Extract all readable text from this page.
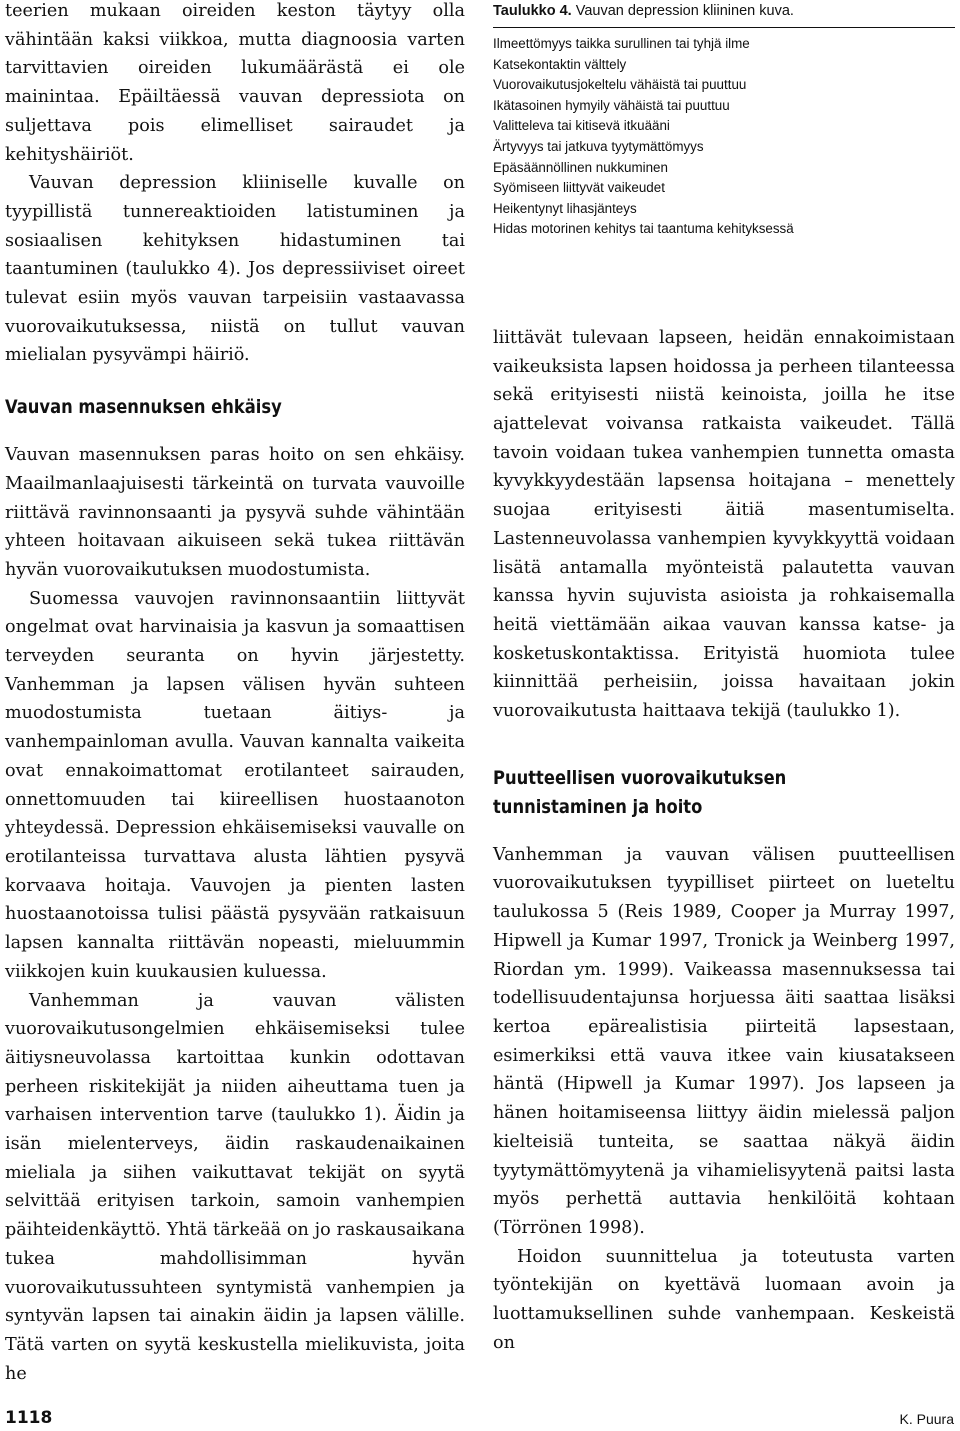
teerien mukaan oireiden keston täytyy olla vähintään kaksi viikkoa, mutta diagnoosia varten tarvittavien oireiden lukumäärästä ei ole mainintaa. Epäiltäessä vauvan depressiota on suljettava pois elimelliset sairaudet ja kehityshäiriöt.

Vauvan depression kliiniselle kuvalle on tyypillistä tunnereaktioiden latistuminen ja sosiaalisen kehityksen hidastuminen tai taantuminen (taulukko 4). Jos depressiiviset oireet tulevat esiin myös vauvan tarpeisiin vastaavassa vuorovaikutuksessa, niistä on tullut vauvan mielialan pysyvämpi häiriö.

Vauvan masennuksen ehkäisy

Vauvan masennuksen paras hoito on sen ehkäisy. Maailmanlaajuisesti tärkeintä on turvata vauvoille riittävä ravinnonsaanti ja pysyvä suhde vähintään yhteen hoitavaan aikuiseen sekä tukea riittävän hyvän vuorovaikutuksen muodostumista.

Suomessa vauvojen ravinnonsaantiin liittyvät ongelmat ovat harvinaisia ja kasvun ja somaattisen terveyden seuranta on hyvin järjestetty. Vanhemman ja lapsen välisen hyvän suhteen muodostumista tuetaan äitiys- ja vanhempainloman avulla. Vauvan kannalta vaikeita ovat ennakoimattomat erotilanteet sairauden, onnettomuuden tai kiireellisen huostaanoton yhteydessä. Depression ehkäisemiseksi vauvalle on erotilanteissa turvattava alusta lähtien pysyvä korvaava hoitaja. Vauvojen ja pienten lasten huostaanotoissa tulisi päästä pysyvään ratkaisuun lapsen kannalta riittävän nopeasti, mieluummin viikkojen kuin kuukausien kuluessa.

Vanhemman ja vauvan välisten vuorovaikutusongelmien ehkäisemiseksi tulee äitiysneuvolassa kartoittaa kunkin odottavan perheen riskitekijät ja niiden aiheuttama tuen ja varhaisen intervention tarve (taulukko 1). Äidin ja isän mielenterveys, äidin raskaudenaikainen mieliala ja siihen vaikuttavat tekijät on syytä selvittää erityisen tarkoin, samoin vanhempien päihteidenkäyttö. Yhtä tärkeää on jo raskausaikana tukea mahdollisimman hyvän vuorovaikutussuhteen syntymistä vanhempien ja syntyvän lapsen tai ainakin äidin ja lapsen välille. Tätä varten on syytä keskustella mielikuvista, joita he

Taulukko 4. Vauvan depression kliininen kuva.

Ilmeettömyys taikka surullinen tai tyhjä ilme
Katsekontaktin välttely
Vuorovaikutusjokeltelu vähäistä tai puuttuu
Ikätasoinen hymyily vähäistä tai puuttuu
Valitteleva tai kitisevä itkuääni
Ärtyvyys tai jatkuva tyytymättömyys
Epäsäännöllinen nukkuminen
Syömiseen liittyvät vaikeudet
Heikentynyt lihasjänteys
Hidas motorinen kehitys tai taantuma kehityksessä

liittävät tulevaan lapseen, heidän ennakoimistaan vaikeuksista lapsen hoidossa ja perheen tilanteessa sekä erityisesti niistä keinoista, joilla he itse ajattelevat voivansa ratkaista vaikeudet. Tällä tavoin voidaan tukea vanhempien tunnetta omasta kyvykkyydestään lapsensa hoitajana – menettely suojaa erityisesti äitiä masentumiselta. Lastenneuvolassa vanhempien kyvykkyyttä voidaan lisätä antamalla myönteistä palautetta vauvan kanssa hyvin sujuvista asioista ja rohkaisemalla heitä viettämään aikaa vauvan kanssa katse- ja kosketuskontaktissa. Erityistä huomiota tulee kiinnittää perheisiin, joissa havaitaan jokin vuorovaikutusta haittaava tekijä (taulukko 1).

Puutteellisen vuorovaikutuksen
tunnistaminen ja hoito

Vanhemman ja vauvan välisen puutteellisen vuorovaikutuksen tyypilliset piirteet on lueteltu taulukossa 5 (Reis 1989, Cooper ja Murray 1997, Hipwell ja Kumar 1997, Tronick ja Weinberg 1997, Riordan ym. 1999). Vaikeassa masennuksessa tai todellisuudentajunsa horjuessa äiti saattaa lisäksi kertoa epärealistisia piirteitä lapsestaan, esimerkiksi että vauva itkee vain kiusatakseen häntä (Hipwell ja Kumar 1997). Jos lapseen ja hänen hoitamiseensa liittyy äidin mielessä paljon kielteisiä tunteita, se saattaa näkyä äidin tyytymättömyytenä ja vihamielisyytenä paitsi lasta myös perhettä auttavia henkilöitä kohtaan (Törrönen 1998).

Hoidon suunnittelua ja toteutusta varten työntekijän on kyettävä luomaan avoin ja luottamuksellinen suhde vanhempaan. Keskeistä on

1118	K. Puura
